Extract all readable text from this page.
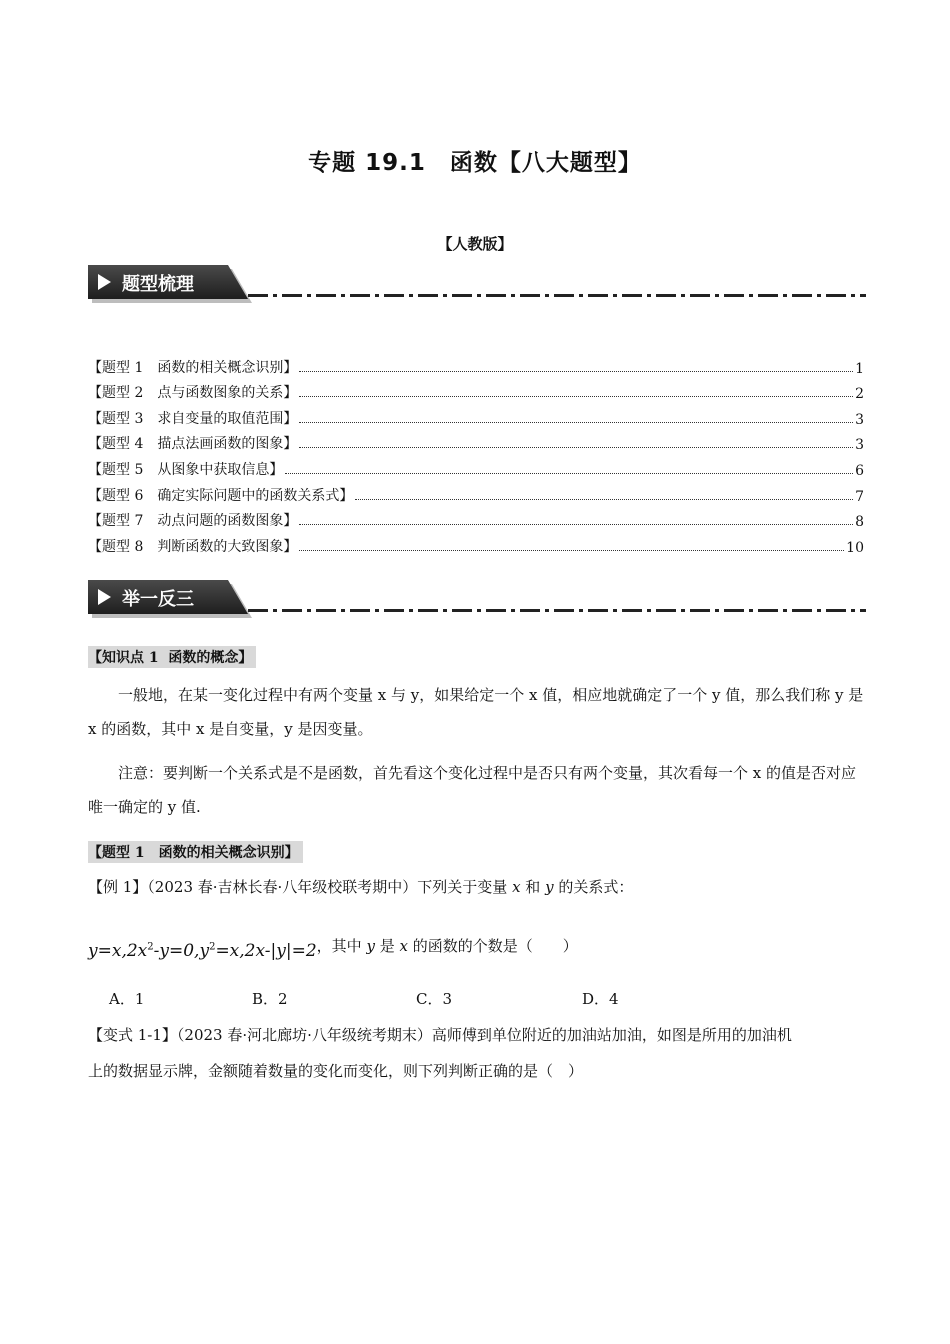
专题 19.1　函数【八大题型】
【人教版】
题型梳理
【题型 1　函数的相关概念识别】	1
【题型 2　点与函数图象的关系】	2
【题型 3　求自变量的取值范围】	3
【题型 4　描点法画函数的图象】	3
【题型 5　从图象中获取信息】	6
【题型 6　确定实际问题中的函数关系式】	7
【题型 7　动点问题的函数图象】	8
【题型 8　判断函数的大致图象】	10
举一反三
【知识点 1  函数的概念】

一般地，在某一变化过程中有两个变量 x 与 y，如果给定一个 x 值，相应地就确定了一个 y 值，那么我们称 y 是 x 的函数，其中 x 是自变量，y 是因变量。

注意：要判断一个关系式是不是函数，首先看这个变化过程中是否只有两个变量，其次看每一个 x 的值是否对应唯一确定的 y 值.

【题型 1　函数的相关概念识别】
【例 1】（2023 春·吉林长春·八年级校联考期中）下列关于变量 x 和 y 的关系式：
$y=x,2x^2-y=0,y^2=x,2x-|y|=2$，其中 y 是 x 的函数的个数是（　　）
A．1	B．2	C．3	D．4
【变式 1-1】（2023 春·河北廊坊·八年级统考期末）高师傅到单位附近的加油站加油，如图是所用的加油机
上的数据显示牌，金额随着数量的变化而变化，则下列判断正确的是（　）
